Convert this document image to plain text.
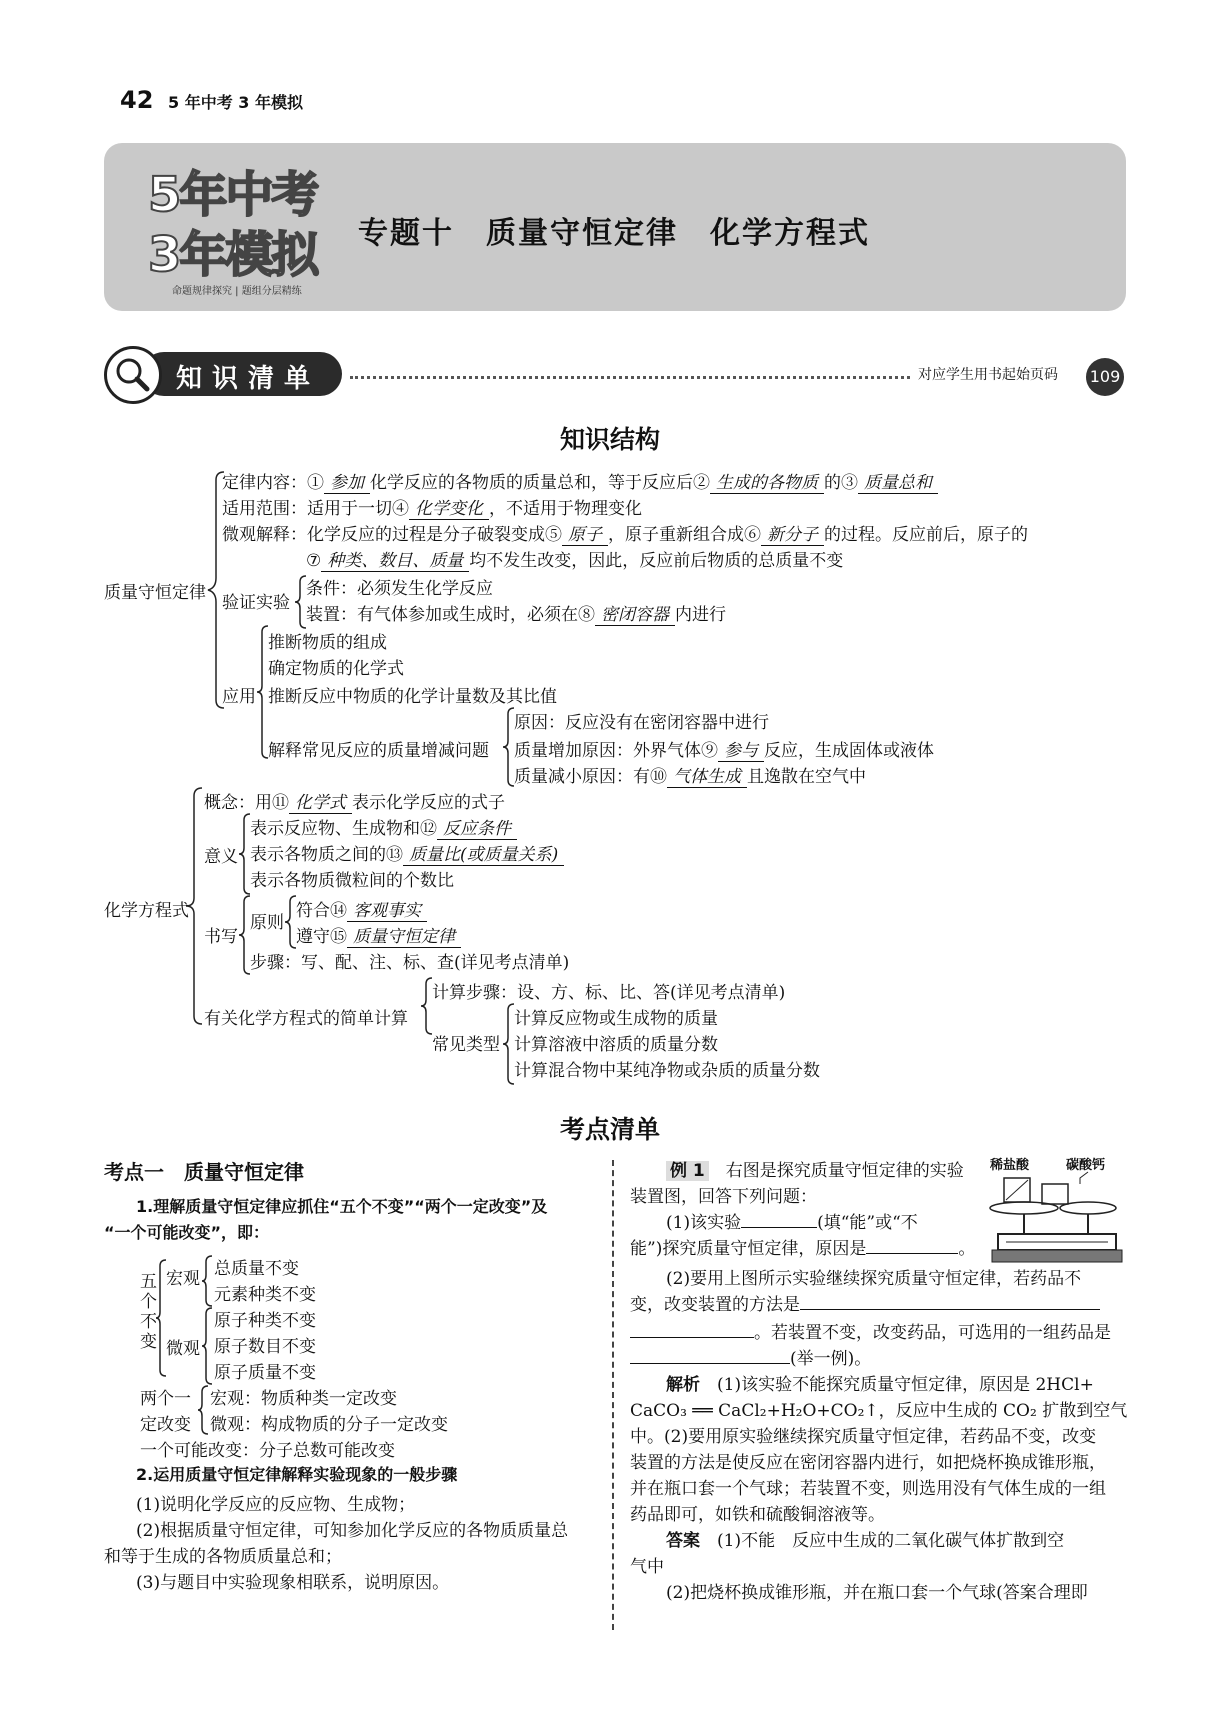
42 5 年中考 3 年模拟
5年中考
3年模拟
命题规律探究 | 题组分层精练
专题十　质量守恒定律　化学方程式
知识清单	对应学生用书起始页码 109
知识结构
质量守恒定律
定律内容：① 参加 化学反应的各物质的质量总和，等于反应后② 生成的各物质 的③ 质量总和
适用范围：适用于一切④ 化学变化 ，不适用于物理变化
微观解释：化学反应的过程是分子破裂变成⑤ 原子 ，原子重新组合成⑥ 新分子 的过程。反应前后，原子的
⑦ 种类、数目、质量 均不发生改变，因此，反应前后物质的总质量不变
验证实验
条件：必须发生化学反应
装置：有气体参加或生成时，必须在⑧ 密闭容器 内进行
应用
推断物质的组成
确定物质的化学式
推断反应中物质的化学计量数及其比值
解释常见反应的质量增减问题
原因：反应没有在密闭容器中进行
质量增加原因：外界气体⑨ 参与 反应，生成固体或液体
质量减小原因：有⑩ 气体生成 且逸散在空气中
化学方程式
概念：用⑪ 化学式 表示化学反应的式子
意义
表示反应物、生成物和⑫ 反应条件
表示各物质之间的⑬ 质量比(或质量关系)
表示各物质微粒间的个数比
书写
原则
符合⑭ 客观事实
遵守⑮ 质量守恒定律
步骤：写、配、注、标、查(详见考点清单)
有关化学方程式的简单计算
计算步骤：设、方、标、比、答(详见考点清单)
常见类型
计算反应物或生成物的质量
计算溶液中溶质的质量分数
计算混合物中某纯净物或杂质的质量分数
考点清单
考点一　质量守恒定律
1.理解质量守恒定律应抓住“五个不变”“两个一定改变”及
“一个可能改变”，即：
五个不变
宏观 总质量不变
元素种类不变
微观
原子种类不变
原子数目不变
原子质量不变
两个一
定改变
宏观：物质种类一定改变
微观：构成物质的分子一定改变
一个可能改变：分子总数可能改变
2.运用质量守恒定律解释实验现象的一般步骤
(1)说明化学反应的反应物、生成物；
(2)根据质量守恒定律，可知参加化学反应的各物质质量总
和等于生成的各物质质量总和；
(3)与题目中实验现象相联系，说明原因。
例 1　 右图是探究质量守恒定律的实验
装置图，回答下列问题：
(1)该实验	(填“能”或“不
能”)探究质量守恒定律，原因是	。
稀盐酸	碳酸钙
(2)要用上图所示实验继续探究质量守恒定律，若药品不
变，改变装置的方法是
。若装置不变，改变药品，可选用的一组药品是
(举一例)。
解析　 (1)该实验不能探究质量守恒定律，原因是 2HCl+
CaCO₃ ══ CaCl₂+H₂O+CO₂↑，反应中生成的 CO₂ 扩散到空气
中。(2)要用原实验继续探究质量守恒定律，若药品不变，改变
装置的方法是使反应在密闭容器内进行，如把烧杯换成锥形瓶，
并在瓶口套一个气球；若装置不变，则选用没有气体生成的一组
药品即可，如铁和硫酸铜溶液等。
答案　 (1)不能　反应中生成的二氧化碳气体扩散到空
气中
(2)把烧杯换成锥形瓶，并在瓶口套一个气球(答案合理即
